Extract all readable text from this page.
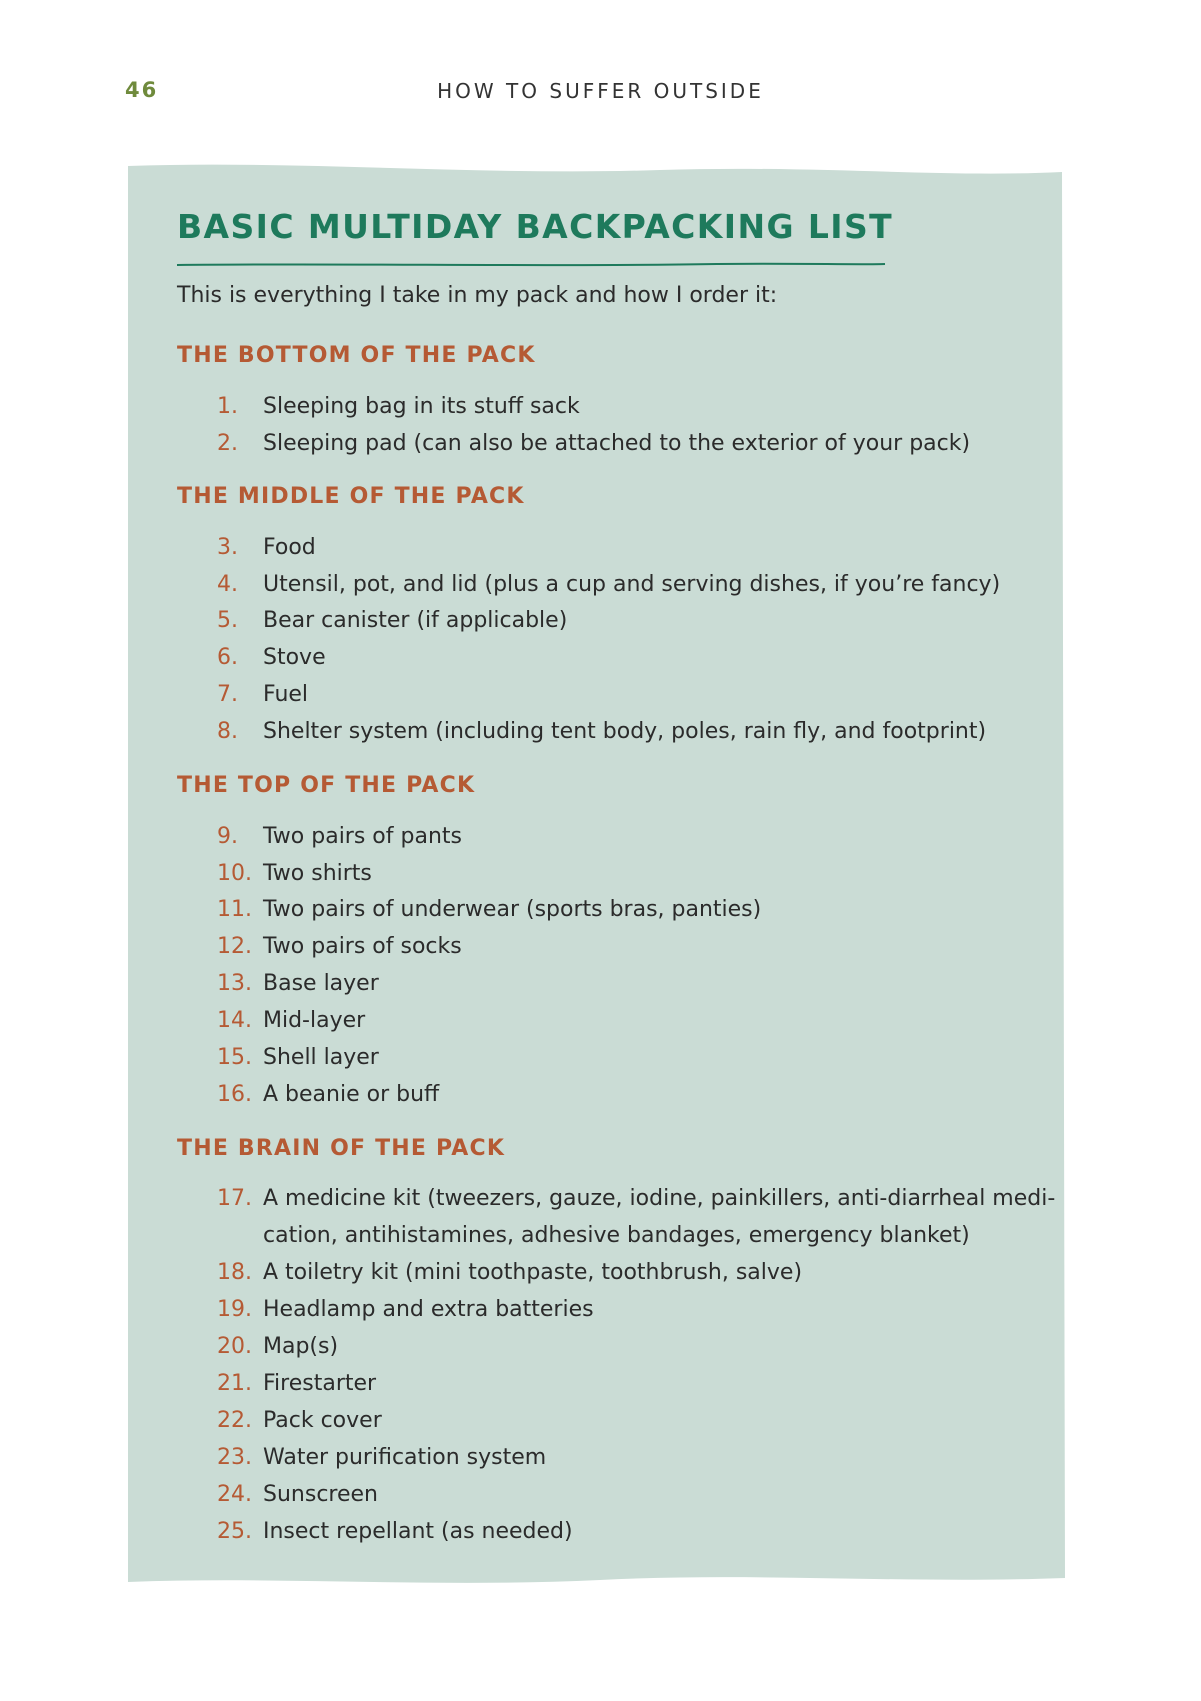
46	HOW TO SUFFER OUTSIDE
BASIC MULTIDAY BACKPACKING LIST
This is everything I take in my pack and how I order it:
THE BOTTOM OF THE PACK
1. Sleeping bag in its stuff sack
2. Sleeping pad (can also be attached to the exterior of your pack)
THE MIDDLE OF THE PACK
3. Food
4. Utensil, pot, and lid (plus a cup and serving dishes, if you’re fancy)
5. Bear canister (if applicable)
6. Stove
7. Fuel
8. Shelter system (including tent body, poles, rain fly, and footprint)
THE TOP OF THE PACK
9. Two pairs of pants
10. Two shirts
11. Two pairs of underwear (sports bras, panties)
12. Two pairs of socks
13. Base layer
14. Mid-layer
15. Shell layer
16. A beanie or buff
THE BRAIN OF THE PACK
17. A medicine kit (tweezers, gauze, iodine, painkillers, anti-diarrheal medi-
cation, antihistamines, adhesive bandages, emergency blanket)
18. A toiletry kit (mini toothpaste, toothbrush, salve)
19. Headlamp and extra batteries
20. Map(s)
21. Firestarter
22. Pack cover
23. Water purification system
24. Sunscreen
25. Insect repellant (as needed)
